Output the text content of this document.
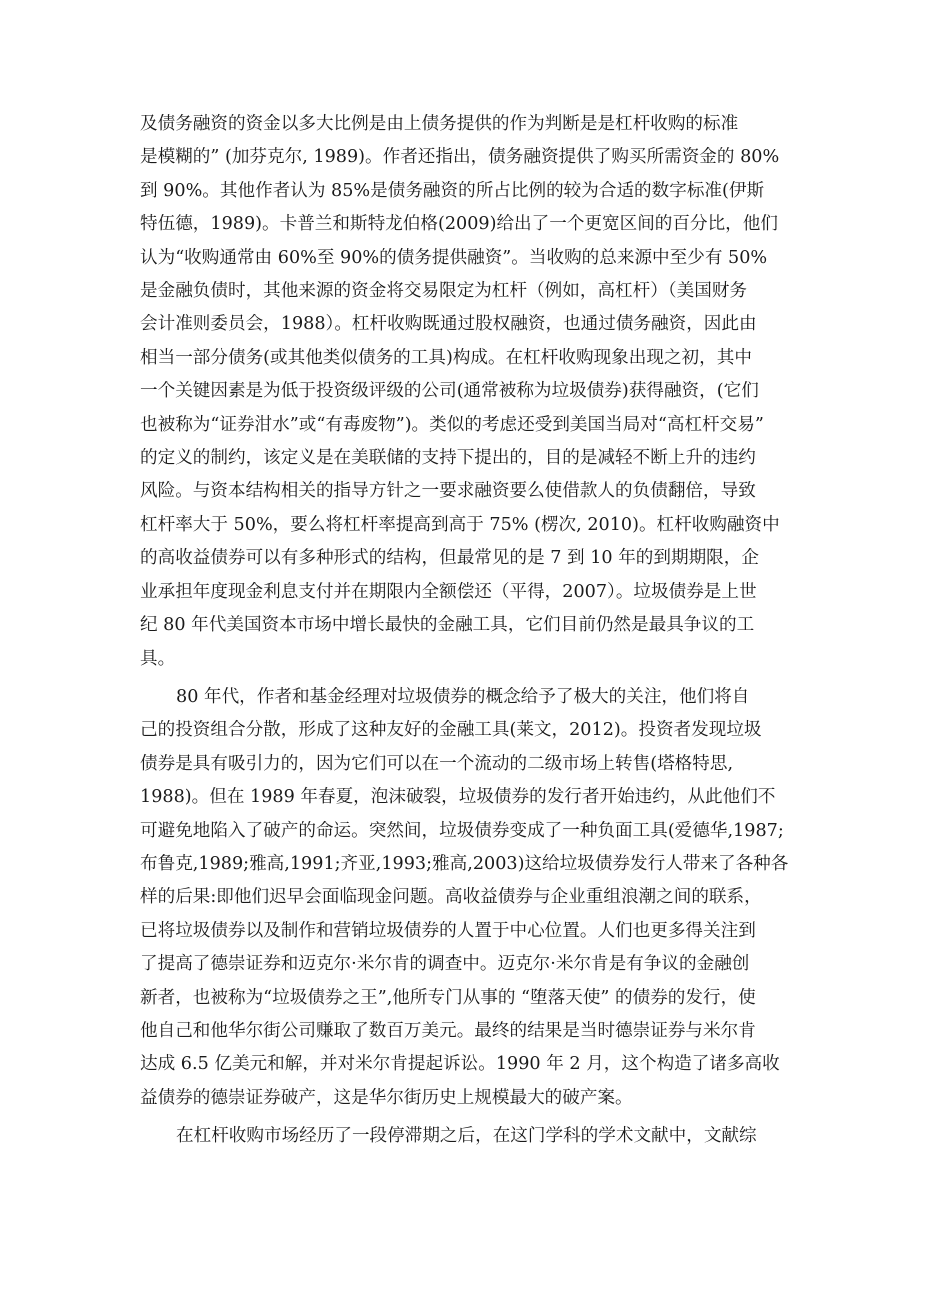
及债务融资的资金以多大比例是由上债务提供的作为判断是是杠杆收购的标准
是模糊的” (加芬克尔, 1989)。作者还指出，债务融资提供了购买所需资金的 80%
到 90%。其他作者认为 85%是债务融资的所占比例的较为合适的数字标准(伊斯
特伍德，1989)。卡普兰和斯特龙伯格(2009)给出了一个更宽区间的百分比，他们
认为“收购通常由 60%至 90%的债务提供融资”。当收购的总来源中至少有 50%
是金融负债时，其他来源的资金将交易限定为杠杆（例如，高杠杆）（美国财务
会计准则委员会，1988）。杠杆收购既通过股权融资，也通过债务融资，因此由
相当一部分债务(或其他类似债务的工具)构成。在杠杆收购现象出现之初，其中
一个关键因素是为低于投资级评级的公司(通常被称为垃圾债券)获得融资，(它们
也被称为“证券泔水”或“有毒废物”)。类似的考虑还受到美国当局对“高杠杆交易”
的定义的制约，该定义是在美联储的支持下提出的，目的是减轻不断上升的违约
风险。与资本结构相关的指导方针之一要求融资要么使借款人的负债翻倍，导致
杠杆率大于 50%，要么将杠杆率提高到高于 75% (楞次, 2010)。杠杆收购融资中
的高收益债券可以有多种形式的结构，但最常见的是 7 到 10 年的到期期限，企
业承担年度现金利息支付并在期限内全额偿还（平得，2007）。垃圾债券是上世
纪 80 年代美国资本市场中增长最快的金融工具，它们目前仍然是最具争议的工
具。
80 年代，作者和基金经理对垃圾债券的概念给予了极大的关注，他们将自
己的投资组合分散，形成了这种友好的金融工具(莱文，2012)。投资者发现垃圾
债券是具有吸引力的，因为它们可以在一个流动的二级市场上转售(塔格特思,
1988)。但在 1989 年春夏，泡沫破裂，垃圾债券的发行者开始违约，从此他们不
可避免地陷入了破产的命运。突然间，垃圾债券变成了一种负面工具(爱德华,1987;
布鲁克,1989;雅高,1991;齐亚,1993;雅高,2003)这给垃圾债券发行人带来了各种各
样的后果:即他们迟早会面临现金问题。高收益债券与企业重组浪潮之间的联系，
已将垃圾债券以及制作和营销垃圾债券的人置于中心位置。人们也更多得关注到
了提高了德崇证券和迈克尔·米尔肯的调查中。迈克尔·米尔肯是有争议的金融创
新者，也被称为“垃圾债券之王”,他所专门从事的 “堕落天使” 的债券的发行，使
他自己和他华尔街公司赚取了数百万美元。最终的结果是当时德崇证券与米尔肯
达成 6.5 亿美元和解，并对米尔肯提起诉讼。1990 年 2 月，这个构造了诸多高收
益债券的德崇证券破产，这是华尔街历史上规模最大的破产案。
在杠杆收购市场经历了一段停滞期之后，在这门学科的学术文献中，文献综
